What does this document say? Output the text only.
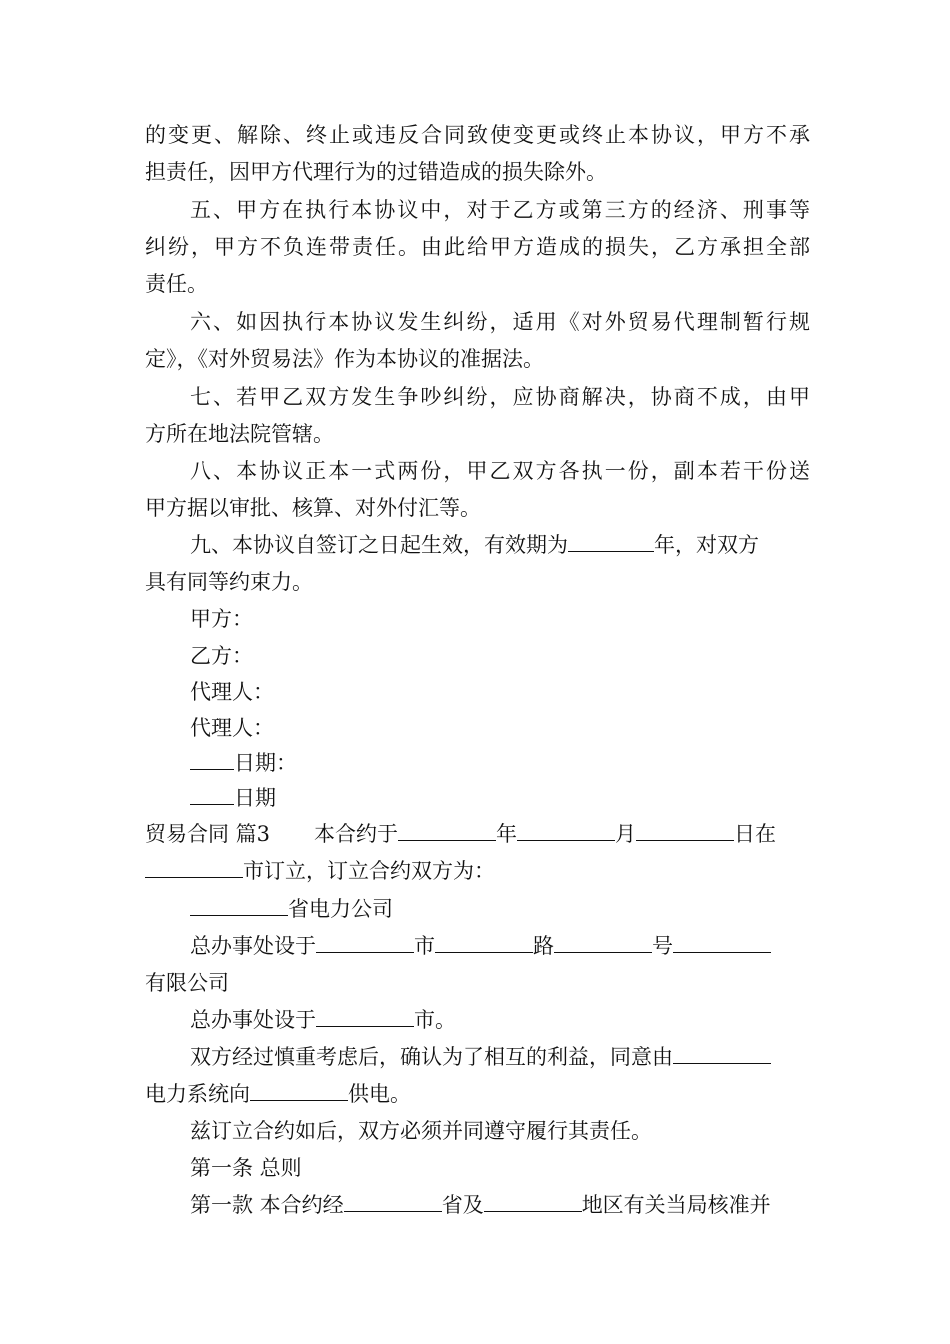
的变更、解除、终止或违反合同致使变更或终止本协议，甲方不承
担责任，因甲方代理行为的过错造成的损失除外。
五、甲方在执行本协议中，对于乙方或第三方的经济、刑事等
纠纷，甲方不负连带责任。由此给甲方造成的损失，乙方承担全部
责任。
六、如因执行本协议发生纠纷，适用《对外贸易代理制暂行规
定》，《对外贸易法》作为本协议的准据法。
七、若甲乙双方发生争吵纠纷，应协商解决，协商不成，由甲
方所在地法院管辖。
八、本协议正本一式两份，甲乙双方各执一份，副本若干份送
甲方据以审批、核算、对外付汇等。
九、本协议自签订之日起生效，有效期为	年，对双方
具有同等约束力。
甲方：
乙方：
代理人：
代理人：
日期：
日期
贸易合同 篇3 本合约于	年	月	日在
市订立，订立合约双方为：
省电力公司
总办事处设于	市	路	号
有限公司
总办事处设于	市。
双方经过慎重考虑后，确认为了相互的利益，同意由
电力系统向	供电。
兹订立合约如后，双方必须并同遵守履行其责任。
第一条 总则
第一款 本合约经	省及	地区有关当局核准并
